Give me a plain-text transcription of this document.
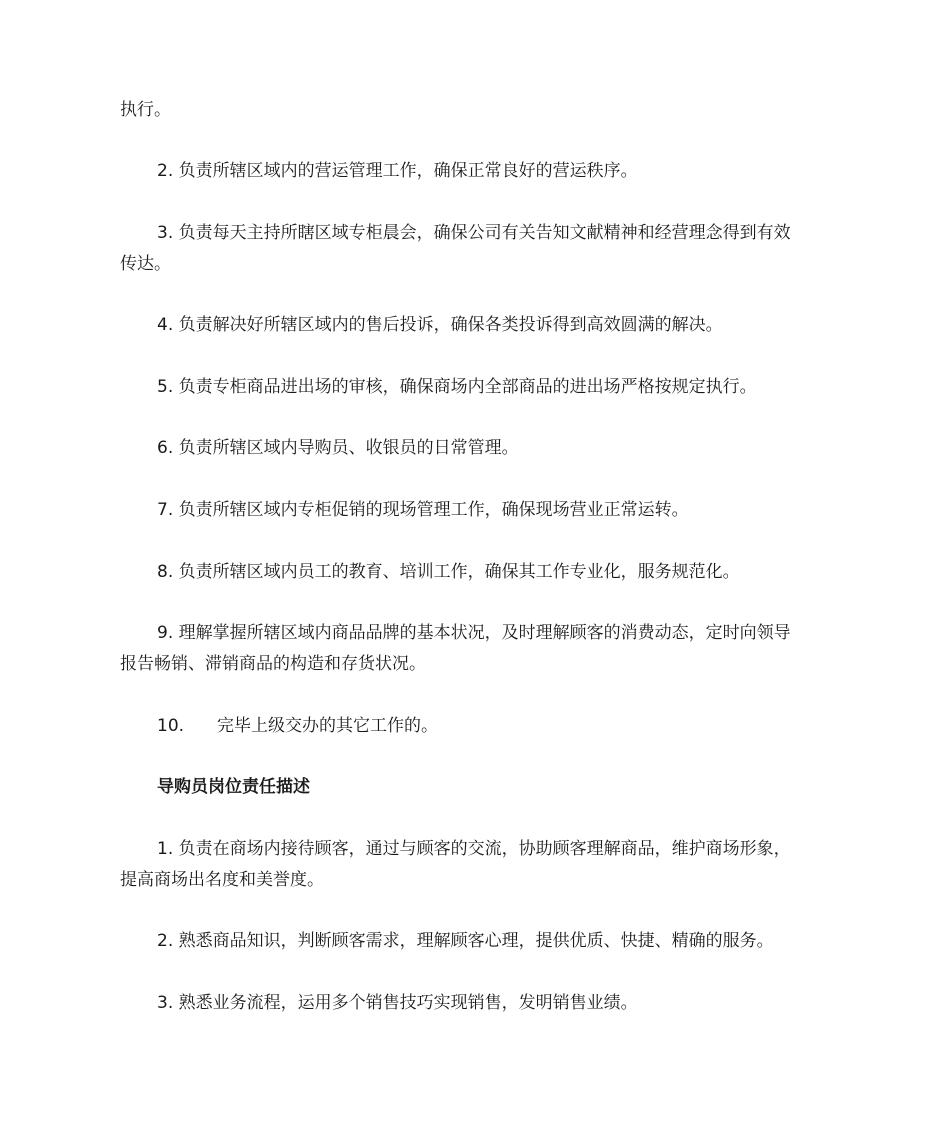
执行。

2. 负责所辖区域内的营运管理工作，确保正常良好的营运秩序。

3. 负责每天主持所瞎区域专柜晨会，确保公司有关告知文献精神和经营理念得到有效
传达。

4. 负责解决好所辖区域内的售后投诉，确保各类投诉得到高效圆满的解决。

5. 负责专柜商品进出场的审核，确保商场内全部商品的进出场严格按规定执行。

6. 负责所辖区域内导购员、收银员的日常管理。

7. 负责所辖区域内专柜促销的现场管理工作，确保现场营业正常运转。

8. 负责所辖区域内员工的教育、培训工作，确保其工作专业化，服务规范化。

9. 理解掌握所辖区域内商品品牌的基本状况，及时理解顾客的消费动态，定时向领导
报告畅销、滞销商品的构造和存货状况。

10. 完毕上级交办的其它工作的。

导购员岗位责任描述

1. 负责在商场内接待顾客，通过与顾客的交流，协助顾客理解商品，维护商场形象，
提高商场出名度和美誉度。

2. 熟悉商品知识，判断顾客需求，理解顾客心理，提供优质、快捷、精确的服务。

3. 熟悉业务流程，运用多个销售技巧实现销售，发明销售业绩。
